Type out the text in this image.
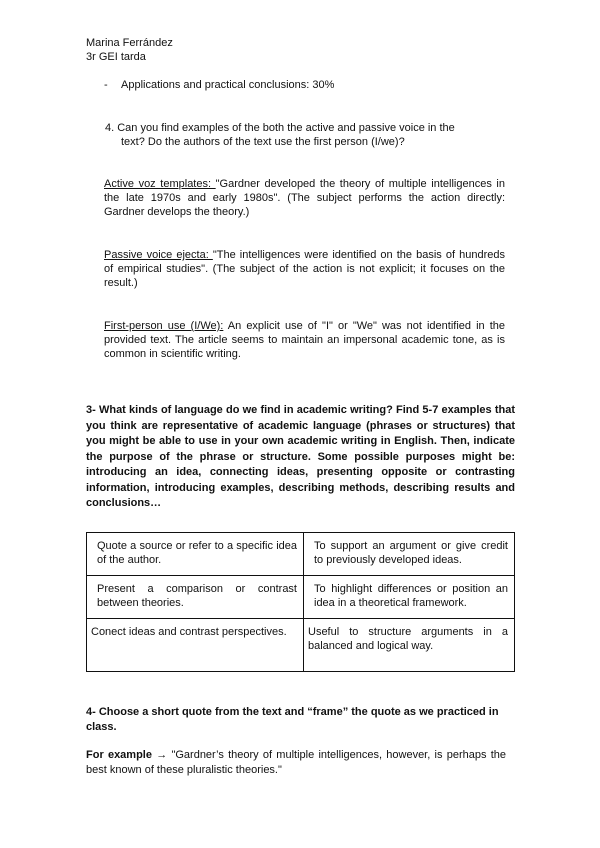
Marina Ferrández
3r GEI tarda
- Applications and practical conclusions: 30%
4. Can you find examples of the both the active and passive voice in the
text? Do the authors of the text use the first person (I/we)?
Active voz templates: "Gardner developed the theory of multiple intelligences in the late 1970s and early 1980s". (The subject performs the action directly: Gardner develops the theory.)
Passive voice ejecta: "The intelligences were identified on the basis of hundreds of empirical studies". (The subject of the action is not explicit; it focuses on the result.)
First-person use (I/We): An explicit use of "I" or "We" was not identified in the provided text. The article seems to maintain an impersonal academic tone, as is common in scientific writing.
3- What kinds of language do we find in academic writing? Find 5-7 examples that you think are representative of academic language (phrases or structures) that you might be able to use in your own academic writing in English. Then, indicate the purpose of the phrase or structure. Some possible purposes might be: introducing an idea, connecting ideas, presenting opposite or contrasting information, introducing examples, describing methods, describing results and conclusions…
Quote a source or refer to a specific idea of the author.	To support an argument or give credit to previously developed ideas.

Present a comparison or contrast between theories.	To highlight differences or position an idea in a theoretical framework.

Conect ideas and contrast perspectives.	Useful to structure arguments in a balanced and logical way.
4- Choose a short quote from the text and “frame” the quote as we practiced in class.
For example → "Gardner’s theory of multiple intelligences, however, is perhaps the best known of these pluralistic theories."
